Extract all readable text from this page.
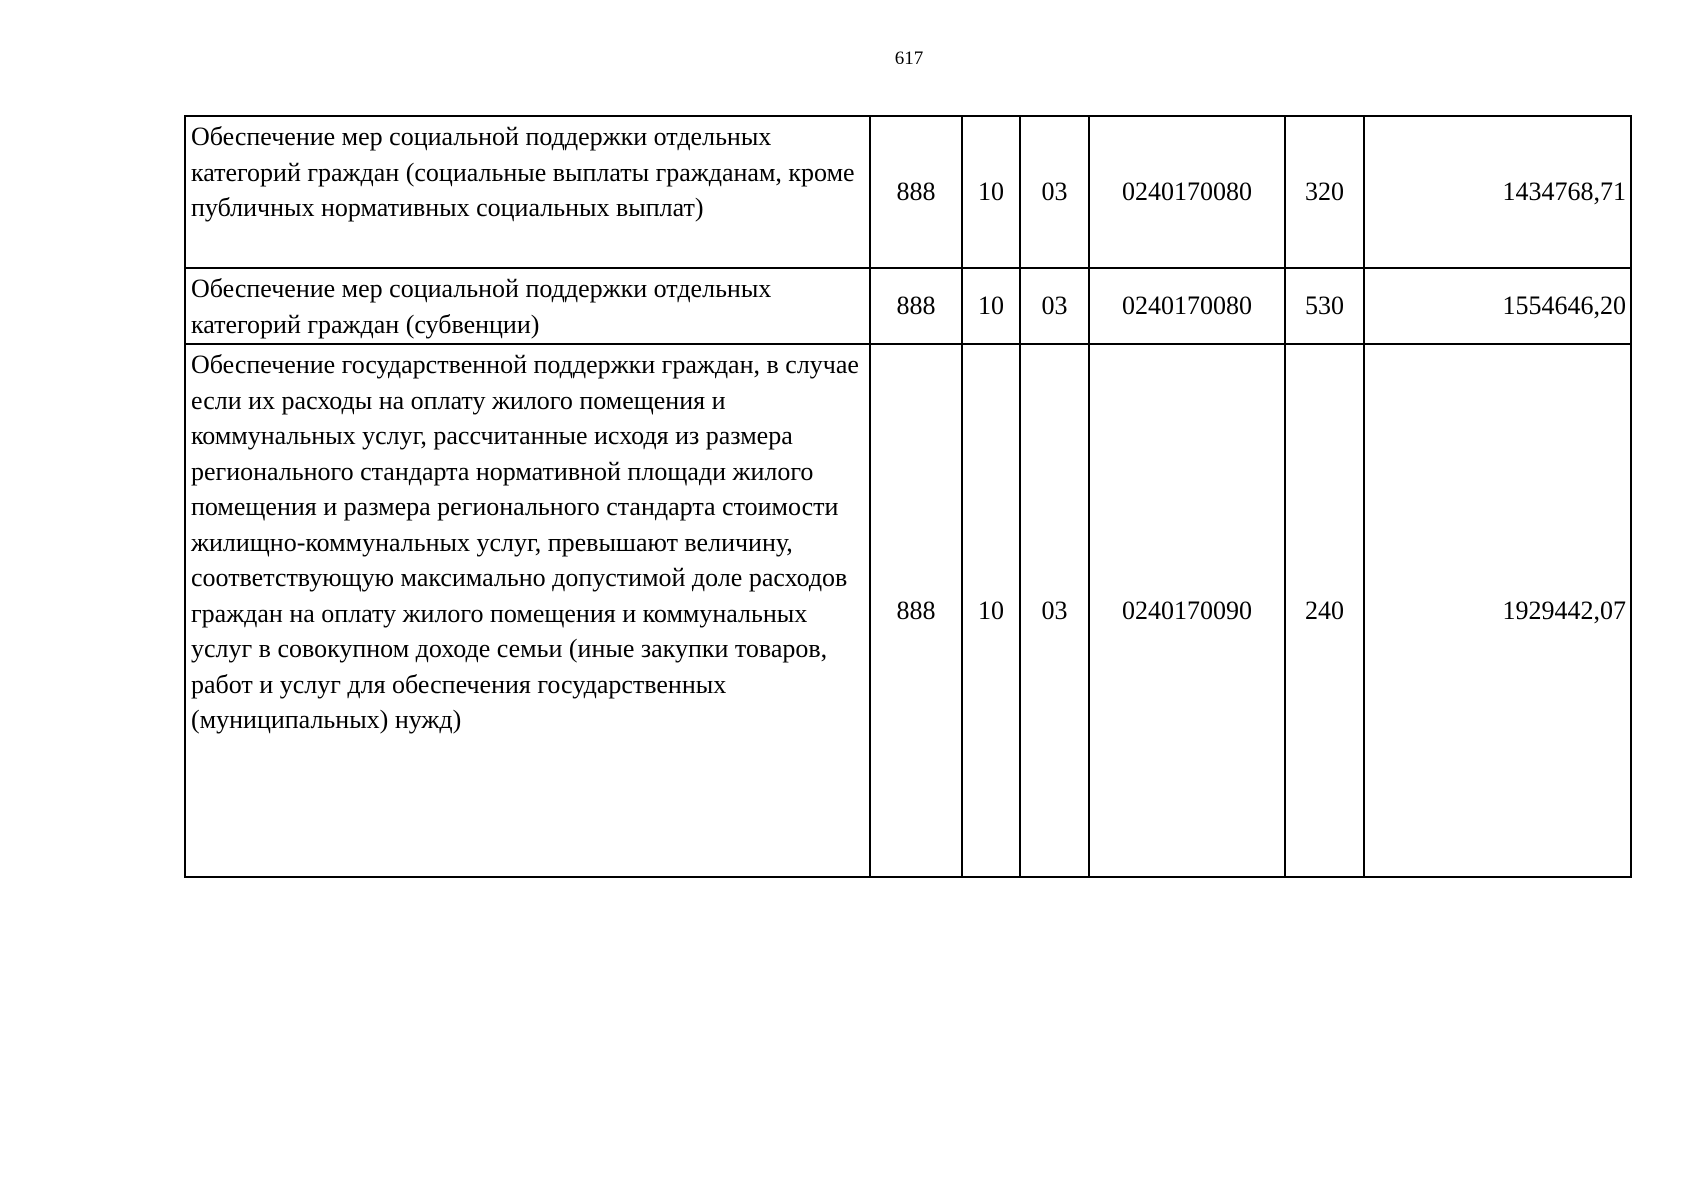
617
Обеспечение мер социальной поддержки отдельных категорий граждан (социальные выплаты гражданам, кроме публичных нормативных социальных выплат)	888	10	03	0240170080	320	1434768,71
Обеспечение мер социальной поддержки отдельных категорий граждан (субвенции)	888	10	03	0240170080	530	1554646,20
Обеспечение государственной поддержки граждан, в случае если их расходы на оплату жилого помещения и коммунальных услуг, рассчитанные исходя из размера регионального стандарта нормативной площади жилого помещения и размера регионального стандарта стоимости жилищно-коммунальных услуг, превышают величину, соответствующую максимально допустимой доле расходов граждан на оплату жилого помещения и коммунальных услуг в совокупном доходе семьи (иные закупки товаров, работ и услуг для обеспечения государственных (муниципальных) нужд)	888	10	03	0240170090	240	1929442,07
